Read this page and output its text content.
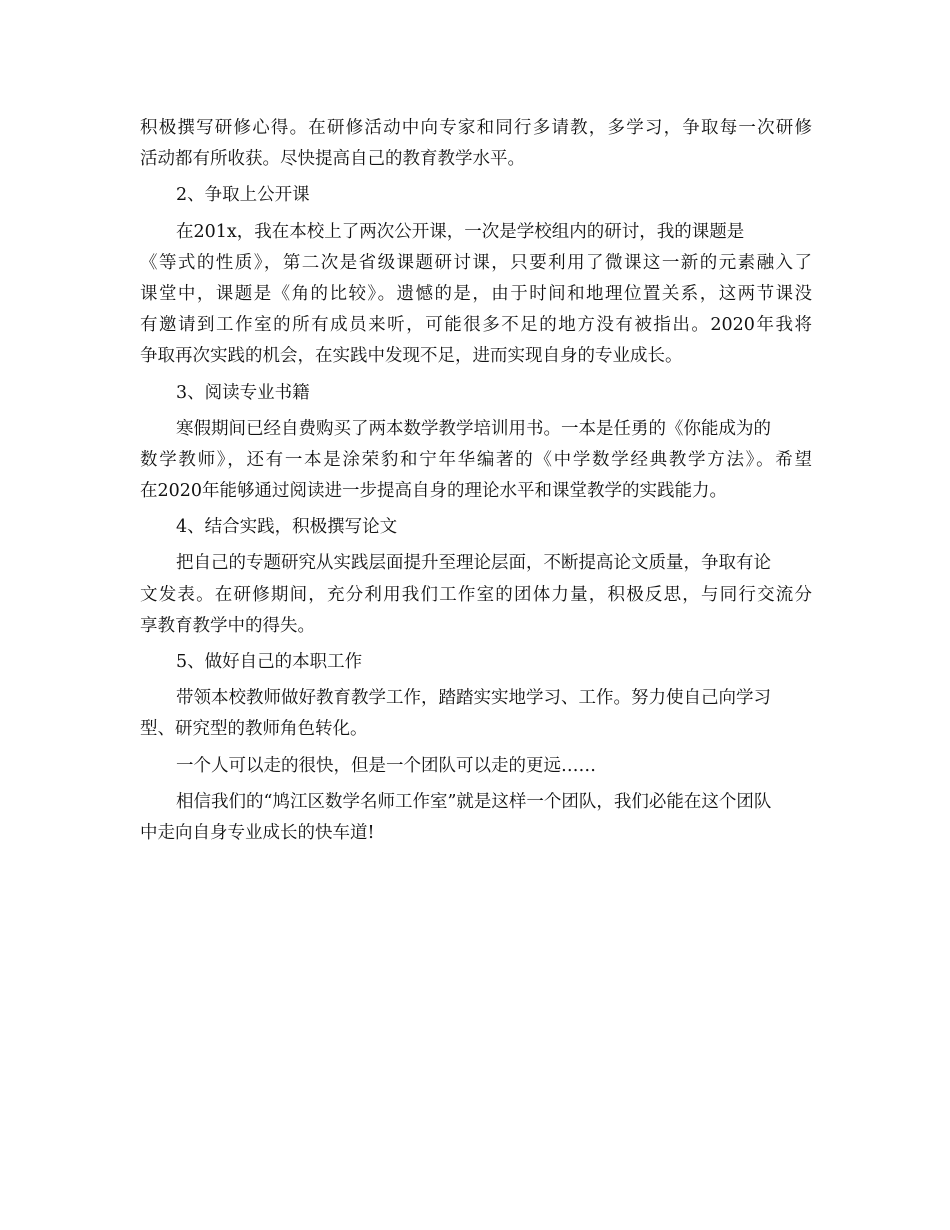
积极撰写研修心得。在研修活动中向专家和同行多请教，多学习，争取每一次研修
活动都有所收获。尽快提高自己的教育教学水平。
2、争取上公开课
在201x，我在本校上了两次公开课，一次是学校组内的研讨，我的课题是
《等式的性质》，第二次是省级课题研讨课，只要利用了微课这一新的元素融入了
课堂中，课题是《角的比较》。遗憾的是，由于时间和地理位置关系，这两节课没
有邀请到工作室的所有成员来听，可能很多不足的地方没有被指出。2020年我将
争取再次实践的机会，在实践中发现不足，进而实现自身的专业成长。
3、阅读专业书籍
寒假期间已经自费购买了两本数学教学培训用书。一本是任勇的《你能成为的
数学教师》，还有一本是涂荣豹和宁年华编著的《中学数学经典教学方法》。希望
在2020年能够通过阅读进一步提高自身的理论水平和课堂教学的实践能力。
4、结合实践，积极撰写论文
把自己的专题研究从实践层面提升至理论层面，不断提高论文质量，争取有论
文发表。在研修期间，充分利用我们工作室的团体力量，积极反思，与同行交流分
享教育教学中的得失。
5、做好自己的本职工作
带领本校教师做好教育教学工作，踏踏实实地学习、工作。努力使自己向学习
型、研究型的教师角色转化。
一个人可以走的很快，但是一个团队可以走的更远……
相信我们的“鸠江区数学名师工作室”就是这样一个团队，我们必能在这个团队
中走向自身专业成长的快车道!
